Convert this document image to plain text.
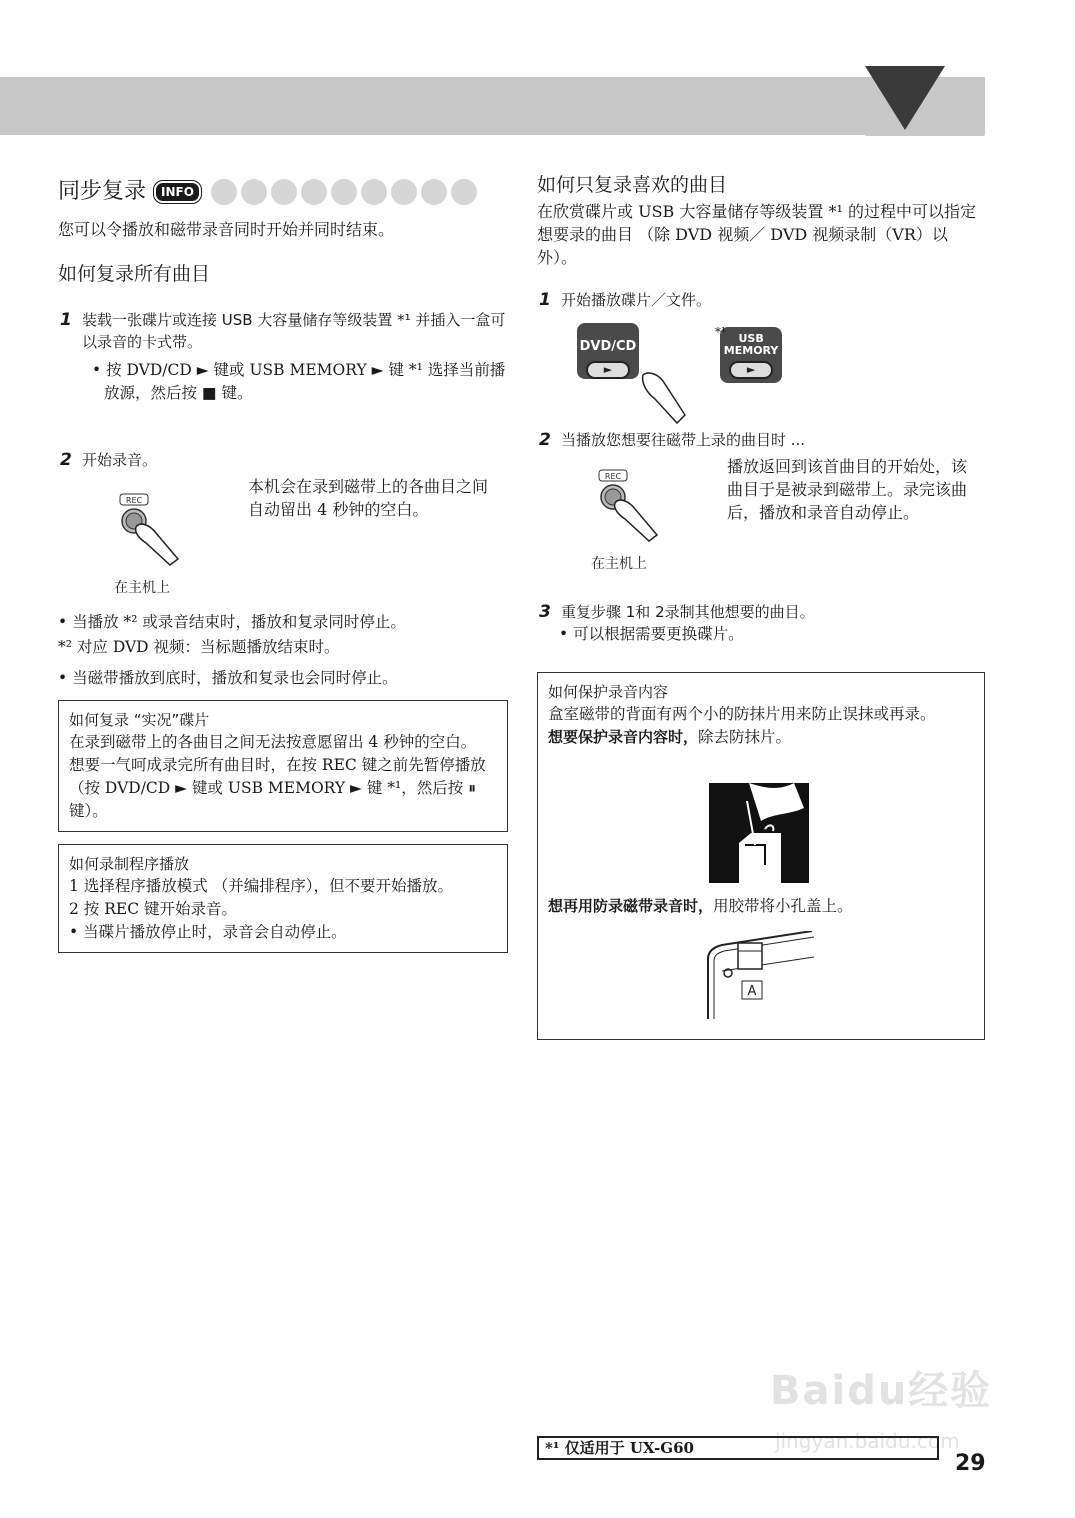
同步复录	INFO

您可以令播放和磁带录音同时开始并同时结束。

如何复录所有曲目
1 装载一张碟片或连接 USB 大容量储存等级装置 *¹ 并插入一盒可以录音的卡式带。

• 按 DVD/CD ► 键或 USB MEMORY ► 键 *¹ 选择当前播放源，然后按 ■ 键。

2 开始录音。
REC

本机会在录到磁带上的各曲目之间自动留出 4 秒钟的空白。

在主机上

• 当播放 *² 或录音结束时，播放和复录同时停止。

*² 对应 DVD 视频：当标题播放结束时。

• 当磁带播放到底时，播放和复录也会同时停止。

如何复录 “实况”碟片

在录到磁带上的各曲目之间无法按意愿留出 4 秒钟的空白。

想要一气呵成录完所有曲目时，在按 REC 键之前先暂停播放（按 DVD/CD ► 键或 USB MEMORY ► 键 *¹，然后按 ⏸ 键）。

如何录制程序播放

1 选择程序播放模式 （并编排程序），但不要开始播放。

2 按 REC 键开始录音。

• 当碟片播放停止时，录音会自动停止。

如何只复录喜欢的曲目

在欣赏碟片或 USB 大容量储存等级装置 *¹ 的过程中可以指定想要录的曲目 （除 DVD 视频／ DVD 视频录制（VR）以外）。

1 开始播放碟片／文件。
DVD/CD
►

USB
MEMORY
►
*¹
2 当播放您想要往磁带上录的曲目时 ...
REC

播放返回到该首曲目的开始处，该曲目于是被录到磁带上。录完该曲后，播放和录音自动停止。

在主机上

3 重复步骤 1和 2录制其他想要的曲目。

• 可以根据需要更换碟片。

如何保护录音内容

盒室磁带的背面有两个小的防抹片用来防止误抹或再录。

想要保护录音内容时，除去防抹片。

想再用防录磁带录音时，用胶带将小孔盖上。

A
Baidu经验
jingyan.baidu.com
*¹ 仅适用于 UX-G60
29
